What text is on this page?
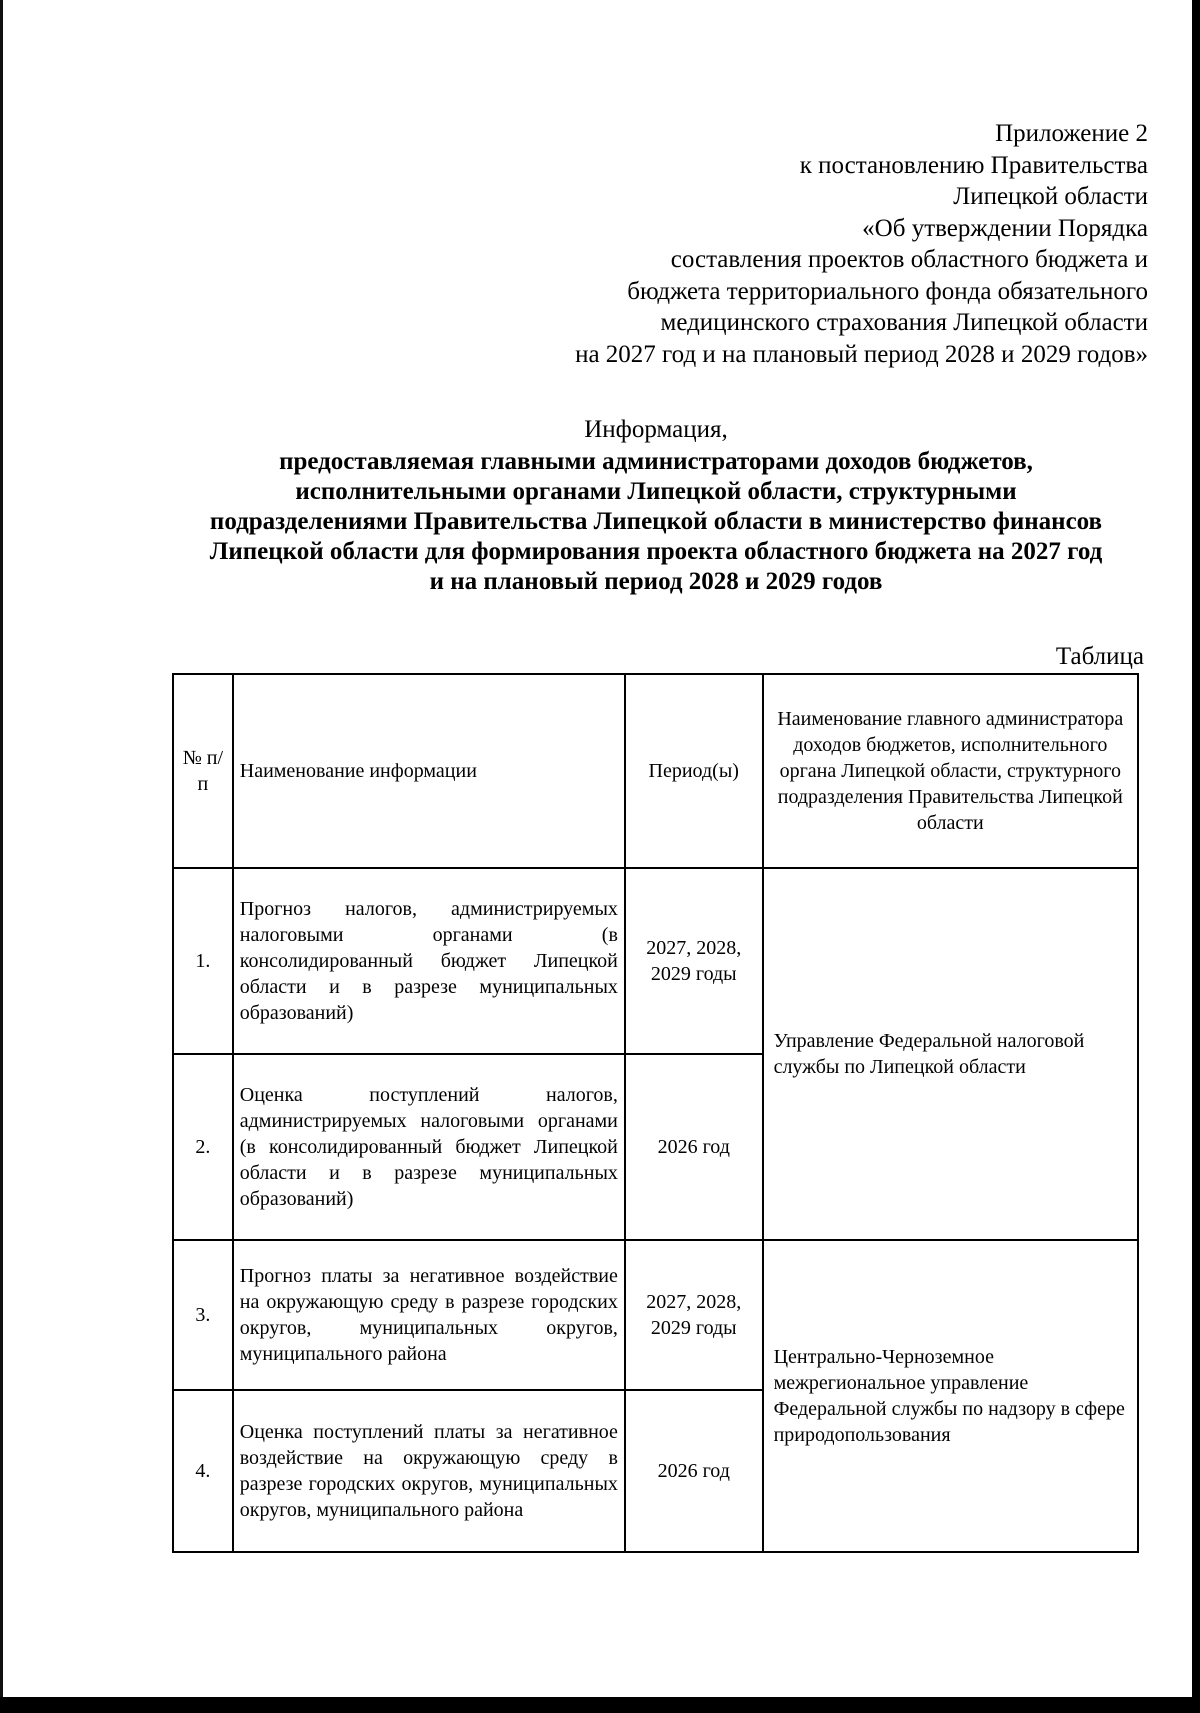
Приложение 2
к постановлению Правительства
Липецкой области
«Об утверждении Порядка
составления проектов областного бюджета и
бюджета территориального фонда обязательного
медицинского страхования Липецкой области
на 2027 год и на плановый период 2028 и 2029 годов»
Информация,
предоставляемая главными администраторами доходов бюджетов,
исполнительными органами Липецкой области, структурными
подразделениями Правительства Липецкой области в министерство финансов
Липецкой области для формирования проекта областного бюджета на 2027 год
и на плановый период 2028 и 2029 годов
Таблица
№ п/п	Наименование информации	Период(ы)	Наименование главного администратора доходов бюджетов, исполнительного органа Липецкой области, структурного подразделения Правительства Липецкой области
1.	Прогноз налогов, администрируемых налоговыми органами (в консолидированный бюджет Липецкой области и в разрезе муниципальных образований)	2027, 2028, 2029 годы	Управление Федеральной налоговой службы по Липецкой области
2.	Оценка поступлений налогов, администрируемых налоговыми органами (в консолидированный бюджет Липецкой области и в разрезе муниципальных образований)	2026 год	
3.	Прогноз платы за негативное воздействие на окружающую среду в разрезе городских округов, муниципальных округов, муниципального района	2027, 2028, 2029 годы	Центрально-Черноземное межрегиональное управление Федеральной службы по надзору в сфере природопользования
4.	Оценка поступлений платы за негативное воздействие на окружающую среду в разрезе городских округов, муниципальных округов, муниципального района	2026 год	
